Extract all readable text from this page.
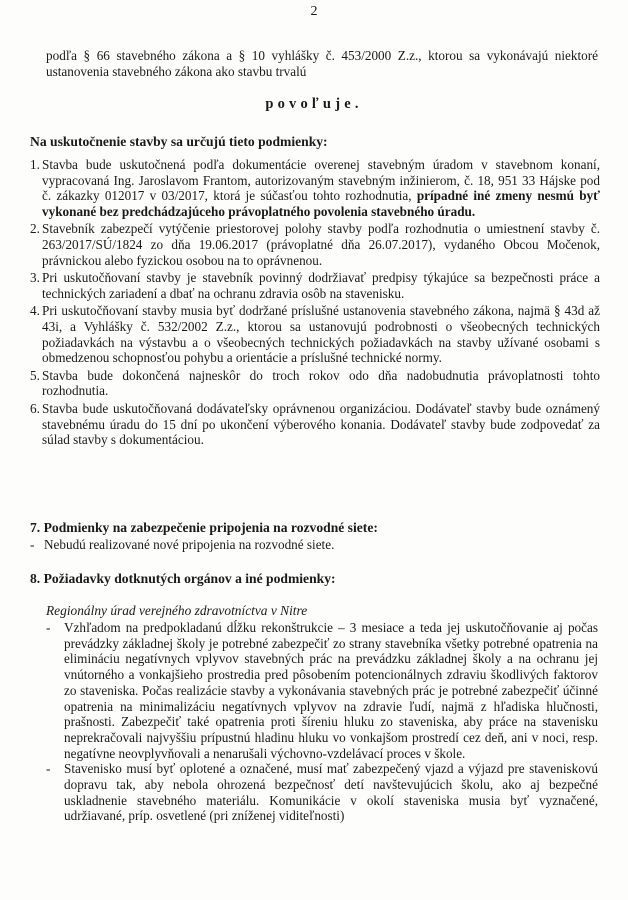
2
podľa § 66 stavebného zákona a § 10 vyhlášky č. 453/2000 Z.z., ktorou sa vykonávajú niektoré ustanovenia stavebného zákona ako stavbu trvalú
povoľuje.
Na uskutočnenie stavby sa určujú tieto podmienky:
1. Stavba bude uskutočnená podľa dokumentácie overenej stavebným úradom v stavebnom konaní, vypracovaná Ing. Jaroslavom Frantom, autorizovaným stavebným inžinierom, č. 18, 951 33 Hájske pod č. zákazky 012017 v 03/2017, ktorá je súčasťou tohto rozhodnutia, prípadné iné zmeny nesmú byť vykonané bez predchádzajúceho právoplatného povolenia stavebného úradu.
2. Stavebník zabezpečí vytýčenie priestorovej polohy stavby podľa rozhodnutia o umiestnení stavby č. 263/2017/SÚ/1824 zo dňa 19.06.2017 (právoplatné dňa 26.07.2017), vydaného Obcou Močenok, právnickou alebo fyzickou osobou na to oprávnenou.
3. Pri uskutočňovaní stavby je stavebník povinný dodržiavať predpisy týkajúce sa bezpečnosti práce a technických zariadení a dbať na ochranu zdravia osôb na stavenisku.
4. Pri uskutočňovaní stavby musia byť dodržané príslušné ustanovenia stavebného zákona, najmä § 43d až 43i, a Vyhlášky č. 532/2002 Z.z., ktorou sa ustanovujú podrobnosti o všeobecných technických požiadavkách na výstavbu a o všeobecných technických požiadavkách na stavby užívané osobami s obmedzenou schopnosťou pohybu a orientácie a príslušné technické normy.
5. Stavba bude dokončená najneskôr do troch rokov odo dňa nadobudnutia právoplatnosti tohto rozhodnutia.
6. Stavba bude uskutočňovaná dodávateľsky oprávnenou organizáciou. Dodávateľ stavby bude oznámený stavebnému úradu do 15 dní po ukončení výberového konania. Dodávateľ stavby bude zodpovedať za súlad stavby s dokumentáciou.
7. Podmienky na zabezpečenie pripojenia na rozvodné siete:
- Nebudú realizované nové pripojenia na rozvodné siete.
8. Požiadavky dotknutých orgánov a iné podmienky:
Regionálny úrad verejného zdravotníctva v Nitre
- Vzhľadom na predpokladanú dĺžku rekonštrukcie – 3 mesiace a teda jej uskutočňovanie aj počas prevádzky základnej školy je potrebné zabezpečiť zo strany stavebníka všetky potrebné opatrenia na elimináciu negatívnych vplyvov stavebných prác na prevádzku základnej školy a na ochranu jej vnútorného a vonkajšieho prostredia pred pôsobením potencionálnych zdraviu škodlivých faktorov zo staveniska. Počas realizácie stavby a vykonávania stavebných prác je potrebné zabezpečiť účinné opatrenia na minimalizáciu negatívnych vplyvov na zdravie ľudí, najmä z hľadiska hlučnosti, prašnosti. Zabezpečiť také opatrenia proti šíreniu hluku zo staveniska, aby práce na stavenisku neprekračovali najvyššiu prípustnú hladinu hluku vo vonkajšom prostredí cez deň, ani v noci, resp. negatívne neovplyvňovali a nenarušali výchovno-vzdelávací proces v škole.
- Stavenisko musí byť oplotené a označené, musí mať zabezpečený vjazd a výjazd pre staveniskovú dopravu tak, aby nebola ohrozená bezpečnosť detí navštevujúcich školu, ako aj bezpečné uskladnenie stavebného materiálu. Komunikácie v okolí staveniska musia byť vyznačené, udržiavané, príp. osvetlené (pri zníženej viditeľnosti)
